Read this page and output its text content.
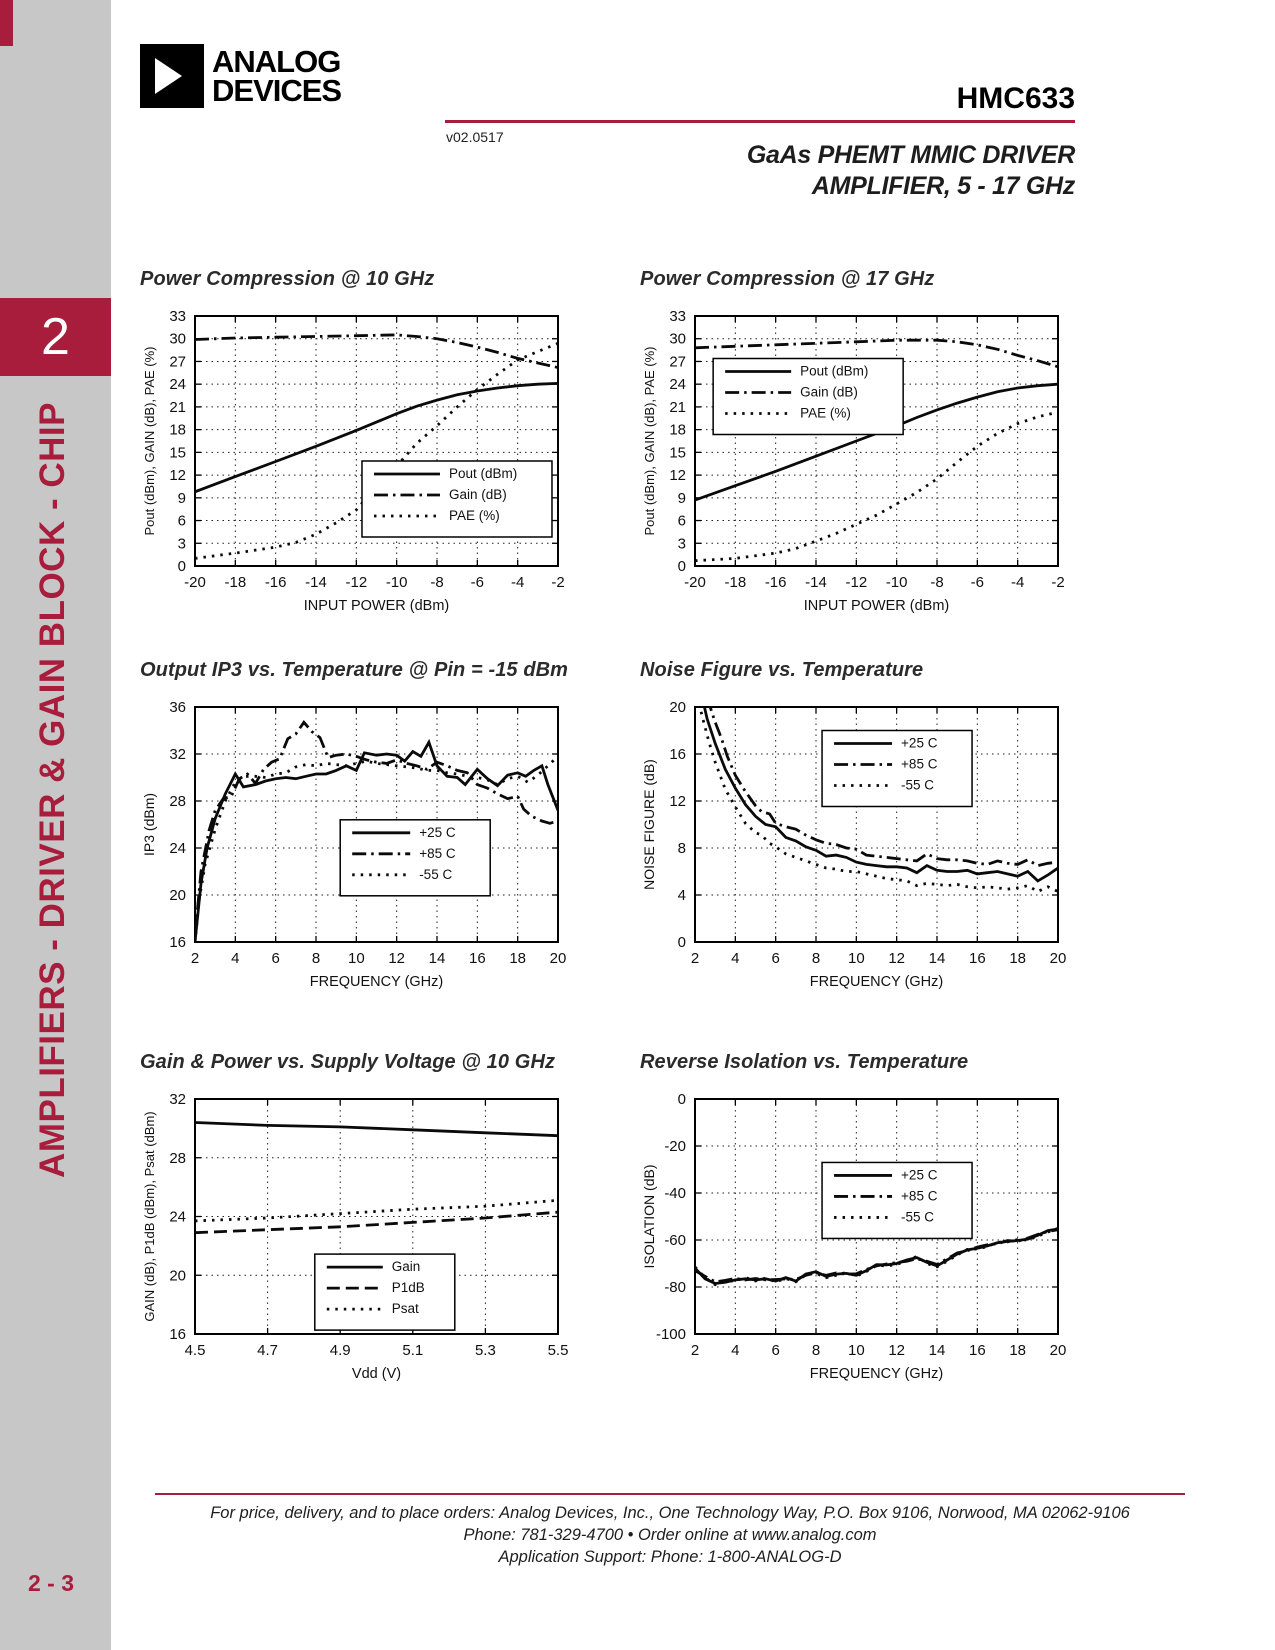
2
AMPLIFIERS - DRIVER & GAIN BLOCK - CHIP
2 - 3
ANALOG
DEVICES	HMC633
v02.0517
GaAs PHEMT MMIC DRIVER
AMPLIFIER, 5 - 17 GHz
Power Compression @ 10 GHz
-20 -18 -16 -14 -12 -10 -8 -6 -4 -2
0
3
6
9
12
15
18
21
24
27
30
33
INPUT POWER (dBm)
Pout (dBm), GAIN (dB), PAE (%)	Pout (dBm)
Gain (dB)
PAE (%)
Power Compression @ 17 GHz
-20 -18 -16 -14 -12 -10 -8 -6 -4 -2
0
3
6
9
12
15
18
21
24
27
30
33
INPUT POWER (dBm)
Pout (dBm), GAIN (dB), PAE (%)	Pout (dBm)
Gain (dB)
PAE (%)
Output IP3 vs. Temperature @ Pin = -15 dBm
2 4 6 8 10 12 14 16 18 20
16
20
24
28
32
36
FREQUENCY (GHz)
IP3 (dBm)	+25 C
+85 C
-55 C
Noise Figure vs. Temperature
2 4 6 8 10 12 14 16 18 20
0
4
8
12
16
20
FREQUENCY (GHz)
NOISE FIGURE (dB)
+25 C
+85 C
-55 C
Gain & Power vs. Supply Voltage @ 10 GHz
4.5	4.7	4.9	5.1	5.3	5.5
16
20
24
28
32
Vdd (V)
GAIN (dB), P1dB (dBm), Psat (dBm)	Gain
P1dB
Psat
Reverse Isolation vs. Temperature
2 4 6 8 10 12 14 16 18 20
0
-20
-40
-60
-80
-100
FREQUENCY (GHz)
ISOLATION (dB)	+25 C
+85 C
-55 C
For price, delivery, and to place orders: Analog Devices, Inc., One Technology Way, P.O. Box 9106, Norwood, MA 02062-9106
Phone: 781-329-4700 • Order online at www.analog.com
Application Support: Phone: 1-800-ANALOG-D
